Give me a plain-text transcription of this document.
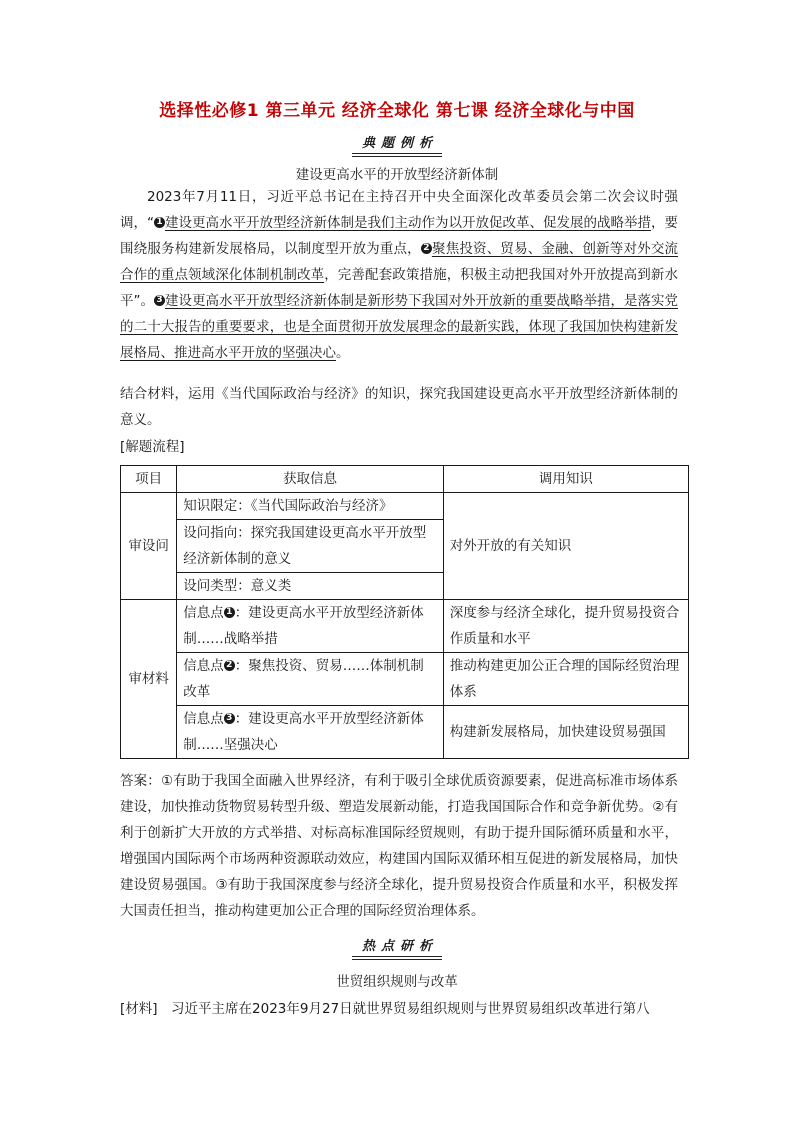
选择性必修1 第三单元 经济全球化 第七课 经济全球化与中国
典题例析
建设更高水平的开放型经济新体制
2023年7月11日，习近平总书记在主持召开中央全面深化改革委员会第二次会议时强调，“ 1 建设更高水平开放型经济新体制是我们主动作为以开放促改革、促发展的战略举措，要围绕服务构建新发展格局，以制度型开放为重点， 2 聚焦投资、贸易、金融、创新等对外交流合作的重点领域深化体制机制改革，完善配套政策措施，积极主动把我国对外开放提高到新水平”。 3 建设更高水平开放型经济新体制是新形势下我国对外开放新的重要战略举措，是落实党的二十大报告的重要要求，也是全面贯彻开放发展理念的最新实践，体现了我国加快构建新发展格局、推进高水平开放的坚强决心。
结合材料，运用《当代国际政治与经济》的知识，探究我国建设更高水平开放型经济新体制的意义。
[解题流程]
项目	获取信息	调用知识
审设问	知识限定：《当代国际政治与经济》	对外开放的有关知识
	设问指向：探究我国建设更高水平开放型经济新体制的意义	
	设问类型：意义类	
审材料	信息点 1 ：建设更高水平开放型经济新体制……战略举措	深度参与经济全球化，提升贸易投资合作质量和水平
	信息点 2 ：聚焦投资、贸易……体制机制改革	推动构建更加公正合理的国际经贸治理体系
	信息点 3 ：建设更高水平开放型经济新体制……坚强决心	构建新发展格局，加快建设贸易强国
答案：①有助于我国全面融入世界经济，有利于吸引全球优质资源要素，促进高标准市场体系建设，加快推动货物贸易转型升级、塑造发展新动能，打造我国国际合作和竞争新优势。②有利于创新扩大开放的方式举措、对标高标准国际经贸规则，有助于提升国际循环质量和水平，增强国内国际两个市场两种资源联动效应，构建国内国际双循环相互促进的新发展格局，加快建设贸易强国。③有助于我国深度参与经济全球化，提升贸易投资合作质量和水平，积极发挥大国责任担当，推动构建更加公正合理的国际经贸治理体系。
热点研析
世贸组织规则与改革
[材料]　习近平主席在2023年9月27日就世界贸易组织规则与世界贸易组织改革进行第八
